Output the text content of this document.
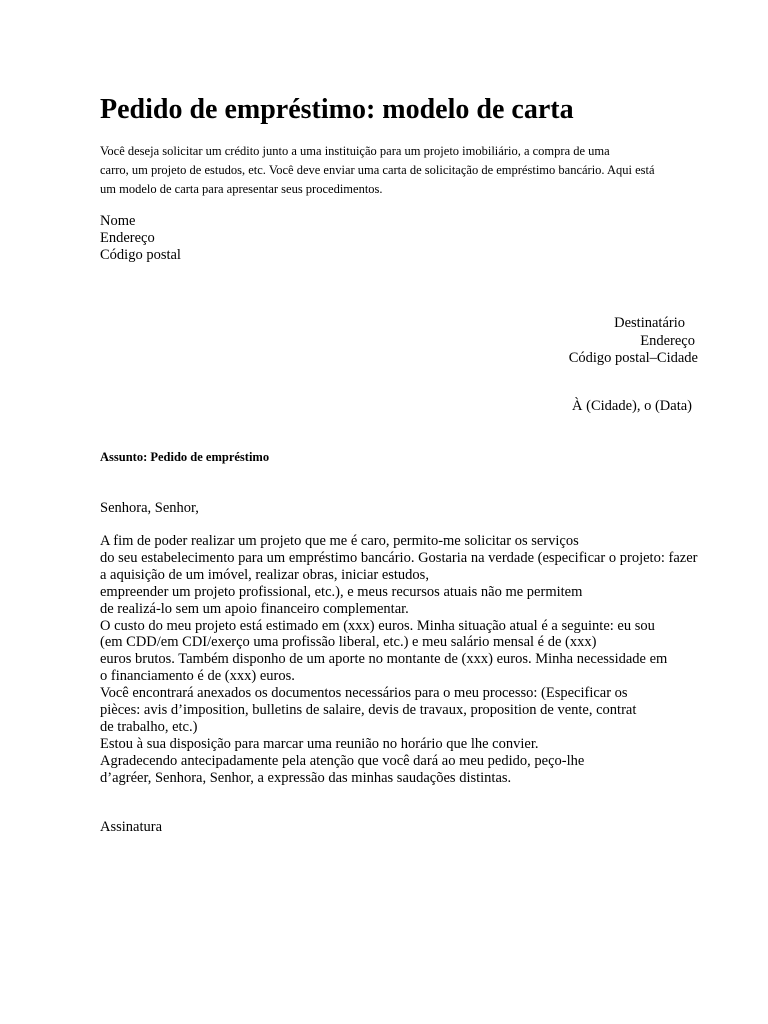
Pedido de empréstimo: modelo de carta
Você deseja solicitar um crédito junto a uma instituição para um projeto imobiliário, a compra de uma
carro, um projeto de estudos, etc. Você deve enviar uma carta de solicitação de empréstimo bancário. Aqui está
um modelo de carta para apresentar seus procedimentos.
Nome
Endereço
Código postal
Destinatário
Endereço
Código postal–Cidade
À (Cidade), o (Data)
Assunto: Pedido de empréstimo
Senhora, Senhor,
A fim de poder realizar um projeto que me é caro, permito-me solicitar os serviços
do seu estabelecimento para um empréstimo bancário. Gostaria na verdade (especificar o projeto: fazer
a aquisição de um imóvel, realizar obras, iniciar estudos,
empreender um projeto profissional, etc.), e meus recursos atuais não me permitem
de realizá-lo sem um apoio financeiro complementar.
O custo do meu projeto está estimado em (xxx) euros. Minha situação atual é a seguinte: eu sou
(em CDD/em CDI/exerço uma profissão liberal, etc.) e meu salário mensal é de (xxx)
euros brutos. Também disponho de um aporte no montante de (xxx) euros. Minha necessidade em
o financiamento é de (xxx) euros.
Você encontrará anexados os documentos necessários para o meu processo: (Especificar os
pièces: avis d’imposition, bulletins de salaire, devis de travaux, proposition de vente, contrat
de trabalho, etc.)
Estou à sua disposição para marcar uma reunião no horário que lhe convier.
Agradecendo antecipadamente pela atenção que você dará ao meu pedido, peço-lhe
d’agréer, Senhora, Senhor, a expressão das minhas saudações distintas.
Assinatura
